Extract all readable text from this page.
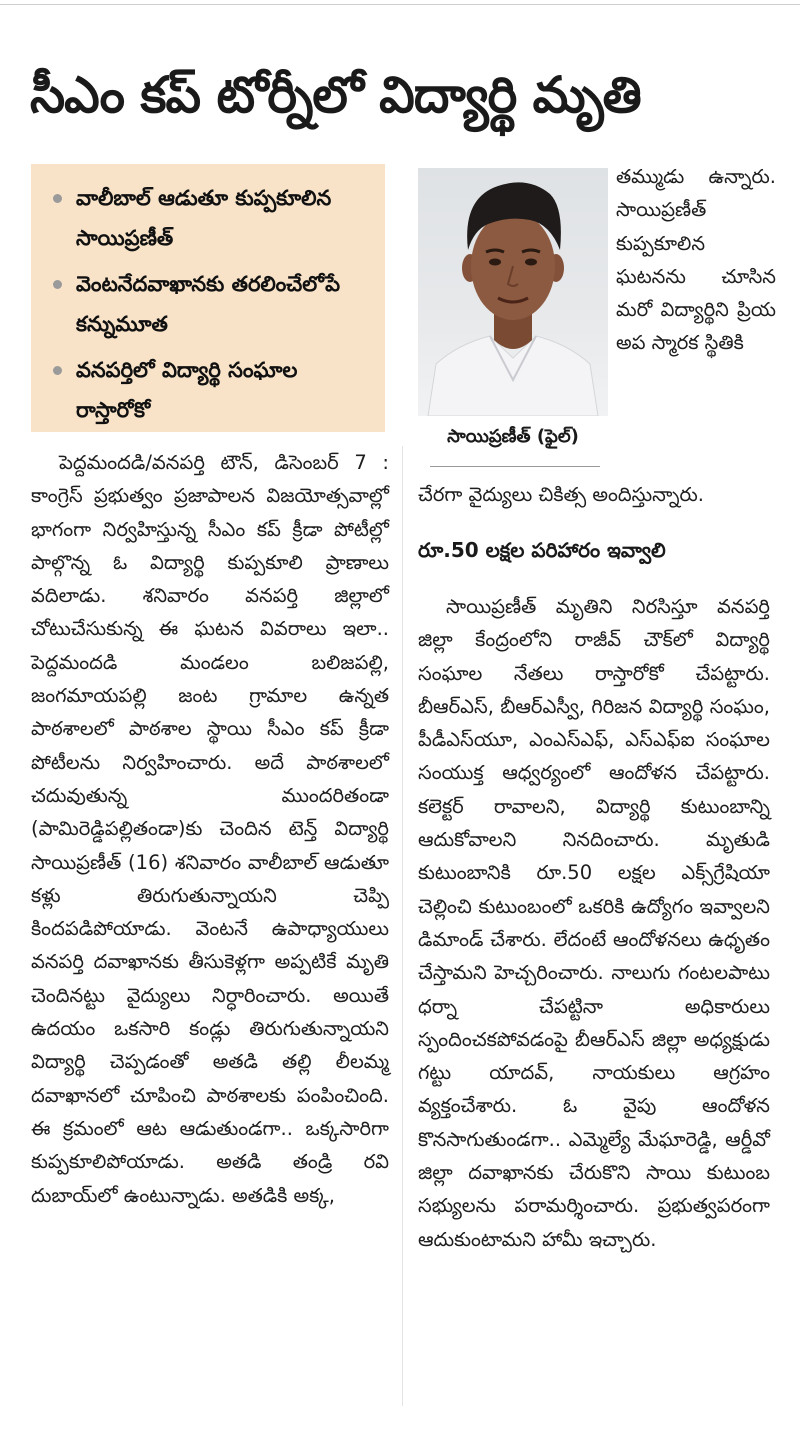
సీఎం కప్ టోర్నీలో విద్యార్థి మృతి
వాలీబాల్ ఆడుతూ కుప్పకూలిన సాయిప్రణీత్
వెంటనేదవాఖానకు తరలించేలోపే కన్నుమూత
వనపర్తిలో విద్యార్థి సంఘాల రాస్తారోకో
సాయిప్రణీత్ (ఫైల్)
తమ్ముడు ఉన్నారు. సాయిప్రణీత్ కుప్పకూలిన ఘటనను చూసిన మరో విద్యార్థిని ప్రియ అప స్మారక స్థితికి

పెద్దమందడి/వనపర్తి టౌన్, డిసెంబర్ 7 : కాంగ్రెస్ ప్రభుత్వం ప్రజాపాలన విజయోత్సవాల్లో భాగంగా నిర్వహిస్తున్న సీఎం కప్ క్రీడా పోటీల్లో పాల్గొన్న ఓ విద్యార్థి కుప్పకూలి ప్రాణాలు వదిలాడు. శనివారం వనపర్తి జిల్లాలో చోటుచేసుకున్న ఈ ఘటన వివరాలు ఇలా.. పెద్దమందడి మండలం బలిజపల్లి, జంగమాయపల్లి జంట గ్రామాల ఉన్నత పాఠశాలలో పాఠశాల స్థాయి సీఎం కప్ క్రీడా పోటీలను నిర్వహించారు. అదే పాఠశాలలో చదువుతున్న ముందరితండా (పామిరెడ్డిపల్లితండా)కు చెందిన టెన్త్ విద్యార్థి సాయిప్రణీత్ (16) శనివారం వాలీబాల్ ఆడుతూ కళ్లు తిరుగుతున్నాయని చెప్పి కిందపడిపోయాడు. వెంటనే ఉపాధ్యాయులు వనపర్తి దవాఖానకు తీసుకెళ్లగా అప్పటికే మృతి చెందినట్టు వైద్యులు నిర్ధారించారు. అయితే ఉదయం ఒకసారి కండ్లు తిరుగుతున్నాయని విద్యార్థి చెప్పడంతో అతడి తల్లి లీలమ్మ దవాఖానలో చూపించి పాఠశాలకు పంపించింది. ఈ క్రమంలో ఆట ఆడుతుండగా.. ఒక్కసారిగా కుప్పకూలిపోయాడు. అతడి తండ్రి రవి దుబాయ్‌లో ఉంటున్నాడు. అతడికి అక్క,

చేరగా వైద్యులు చికిత్స అందిస్తున్నారు.

రూ.50 లక్షల పరిహారం ఇవ్వాలి

సాయిప్రణీత్ మృతిని నిరసిస్తూ వనపర్తి జిల్లా కేంద్రంలోని రాజీవ్ చౌక్‌లో విద్యార్థి సంఘాల నేతలు రాస్తారోకో చేపట్టారు. బీఆర్ఎస్, బీఆర్ఎస్వీ, గిరిజన విద్యార్థి సంఘం, పీడీఎస్‌యూ, ఎంఎస్ఎఫ్, ఎస్ఎఫ్ఐ సంఘాల సంయుక్త ఆధ్వర్యంలో ఆందోళన చేపట్టారు. కలెక్టర్ రావాలని, విద్యార్థి కుటుంబాన్ని ఆదుకోవాలని నినదించారు. మృతుడి కుటుంబానికి రూ.50 లక్షల ఎక్స్‌గ్రేషియా చెల్లించి కుటుంబంలో ఒకరికి ఉద్యోగం ఇవ్వాలని డిమాండ్ చేశారు. లేదంటే ఆందోళనలు ఉధృతం చేస్తామని హెచ్చరించారు. నాలుగు గంటలపాటు ధర్నా చేపట్టినా అధికారులు స్పందించకపోవడంపై బీఆర్ఎస్ జిల్లా అధ్యక్షుడు గట్టు యాదవ్, నాయకులు ఆగ్రహం వ్యక్తంచేశారు. ఓ వైపు ఆందోళన కొనసాగుతుండగా.. ఎమ్మెల్యే మేఘారెడ్డి, ఆర్డీవో జిల్లా దవాఖానకు చేరుకొని సాయి కుటుంబ సభ్యులను పరామర్శించారు. ప్రభుత్వపరంగా ఆదుకుంటామని హామీ ఇచ్చారు.
